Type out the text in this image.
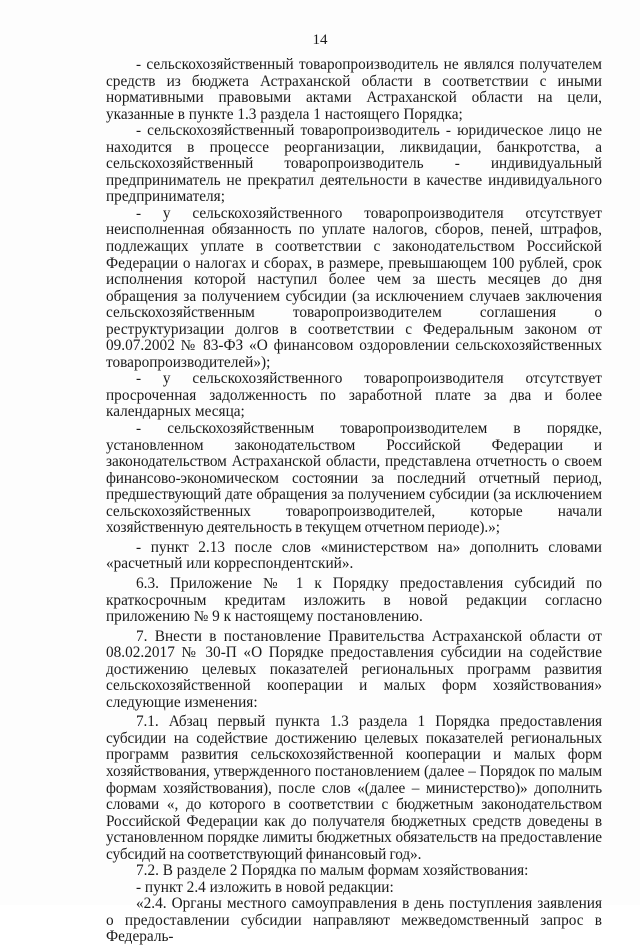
14

- сельскохозяйственный товаропроизводитель не являлся получателем средств из бюджета Астраханской области в соответствии с иными нормативными правовыми актами Астраханской области на цели, указанные в пункте 1.3 раздела 1 настоящего Порядка;

- сельскохозяйственный товаропроизводитель - юридическое лицо не находится в процессе реорганизации, ликвидации, банкротства, а сельскохозяйственный товаропроизводитель - индивидуальный предприниматель не прекратил деятельности в качестве индивидуального предпринимателя;

- у сельскохозяйственного товаропроизводителя отсутствует неисполненная обязанность по уплате налогов, сборов, пеней, штрафов, подлежащих уплате в соответствии с законодательством Российской Федерации о налогах и сборах, в размере, превышающем 100 рублей, срок исполнения которой наступил более чем за шесть месяцев до дня обращения за получением субсидии (за исключением случаев заключения сельскохозяйственным товаропроизводителем соглашения о реструктуризации долгов в соответствии с Федеральным законом от 09.07.2002 № 83-ФЗ «О финансовом оздоровлении сельскохозяйственных товаропроизводителей»);

- у сельскохозяйственного товаропроизводителя отсутствует просроченная задолженность по заработной плате за два и более календарных месяца;

- сельскохозяйственным товаропроизводителем в порядке, установленном законодательством Российской Федерации и законодательством Астраханской области, представлена отчетность о своем финансово-экономическом состоянии за последний отчетный период, предшествующий дате обращения за получением субсидии (за исключением сельскохозяйственных товаропроизводителей, которые начали хозяйственную деятельность в текущем отчетном периоде).»;

- пункт 2.13 после слов «министерством на» дополнить словами «расчетный или корреспондентский».

6.3. Приложение № 1 к Порядку предоставления субсидий по краткосрочным кредитам изложить в новой редакции согласно приложению № 9 к настоящему постановлению.

7. Внести в постановление Правительства Астраханской области от 08.02.2017 № 30-П «О Порядке предоставления субсидии на содействие достижению целевых показателей региональных программ развития сельскохозяйственной кооперации и малых форм хозяйствования» следующие изменения:

7.1. Абзац первый пункта 1.3 раздела 1 Порядка предоставления субсидии на содействие достижению целевых показателей региональных программ развития сельскохозяйственной кооперации и малых форм хозяйствования, утвержденного постановлением (далее – Порядок по малым формам хозяйствования), после слов «(далее – министерство)» дополнить словами «, до которого в соответствии с бюджетным законодательством Российской Федерации как до получателя бюджетных средств доведены в установленном порядке лимиты бюджетных обязательств на предоставление субсидий на соответствующий финансовый год».

7.2. В разделе 2 Порядка по малым формам хозяйствования:

- пункт 2.4 изложить в новой редакции:

«2.4. Органы местного самоуправления в день поступления заявления о предоставлении субсидии направляют межведомственный запрос в Федераль-
